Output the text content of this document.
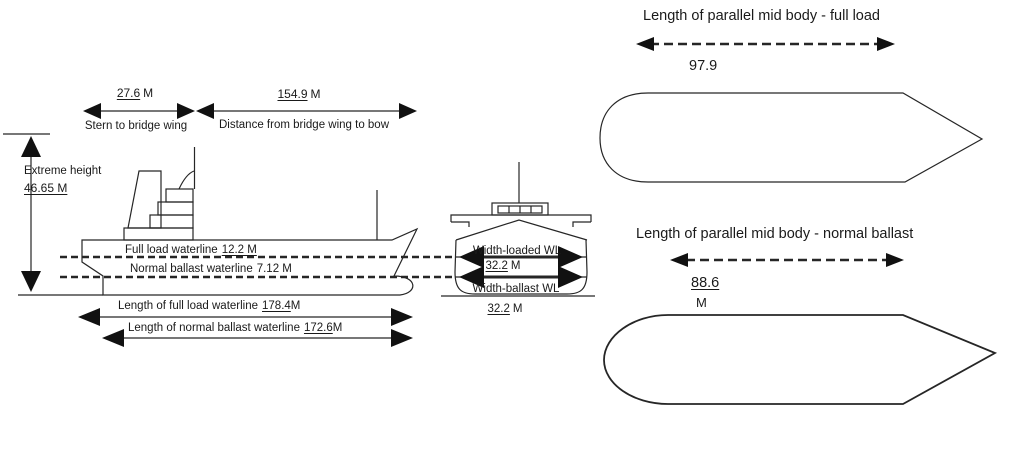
27.6 M
Stern to bridge wing
154.9 M
Distance from bridge wing to bow
Extreme height
46.65 M
Full load waterline 12.2 M
Normal ballast waterline 7.12 M
Length of full load waterline 178.4M
Length of normal ballast waterline 172.6M
Width-loaded WL
32.2 M
Width-ballast WL
32.2 M
Length of parallel mid body - full load
97.9
Length of parallel mid body - normal ballast
88.6
M
